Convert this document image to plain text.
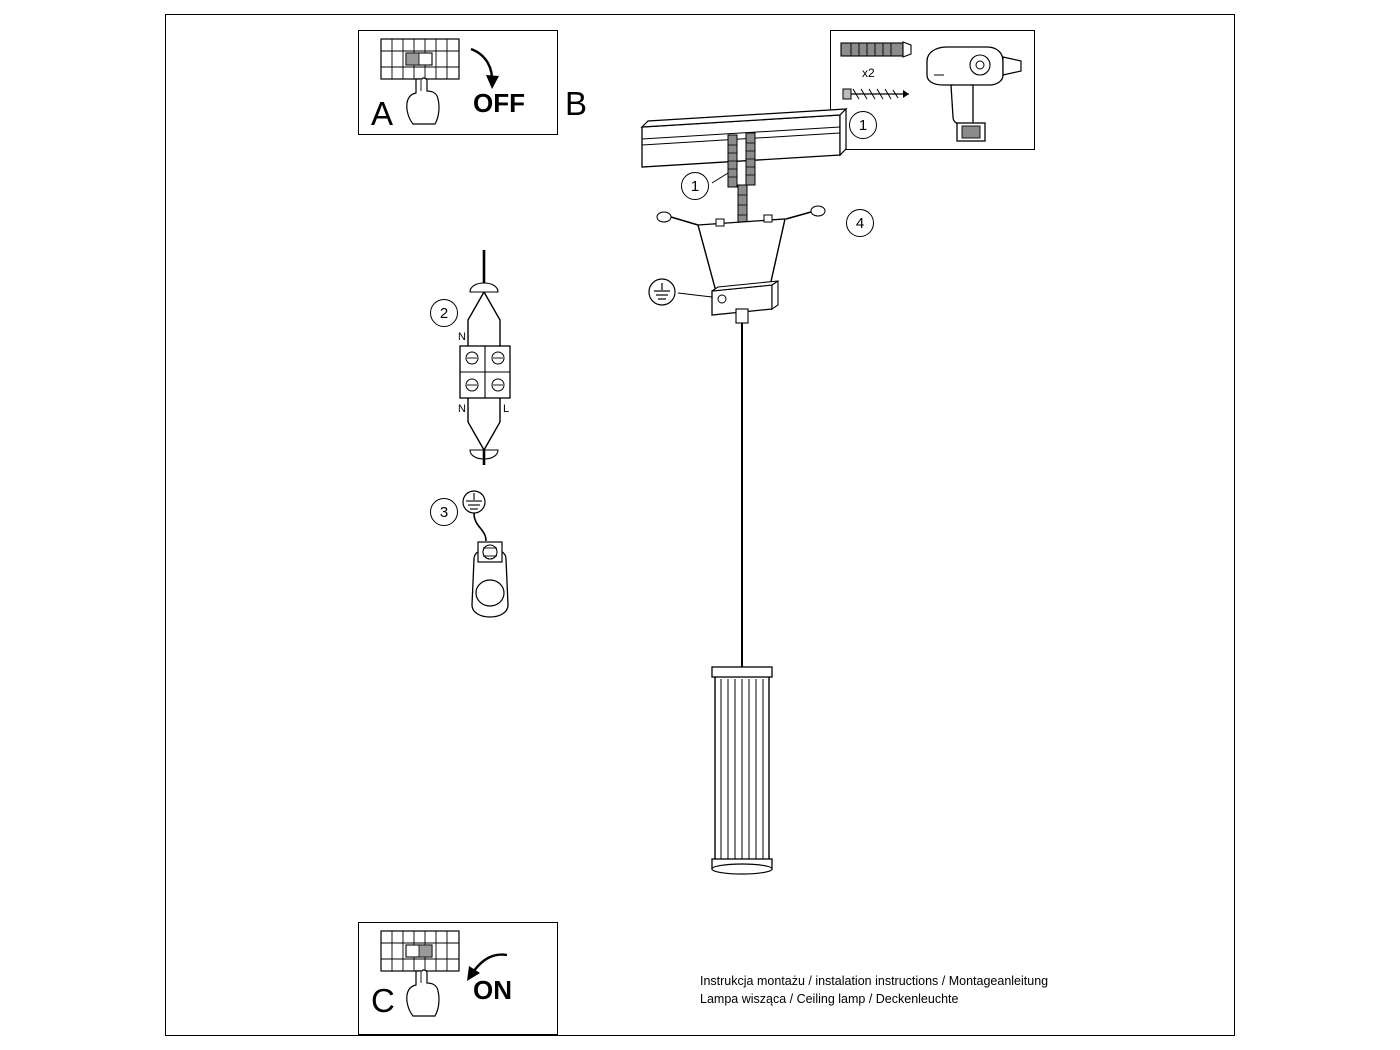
A	OFF B
x2
1
1
4
N
N	L
2
3
C	ON	Instrukcja montażu / instalation instructions / Montageanleitung
Lampa wisząca / Ceiling lamp / Deckenleuchte
